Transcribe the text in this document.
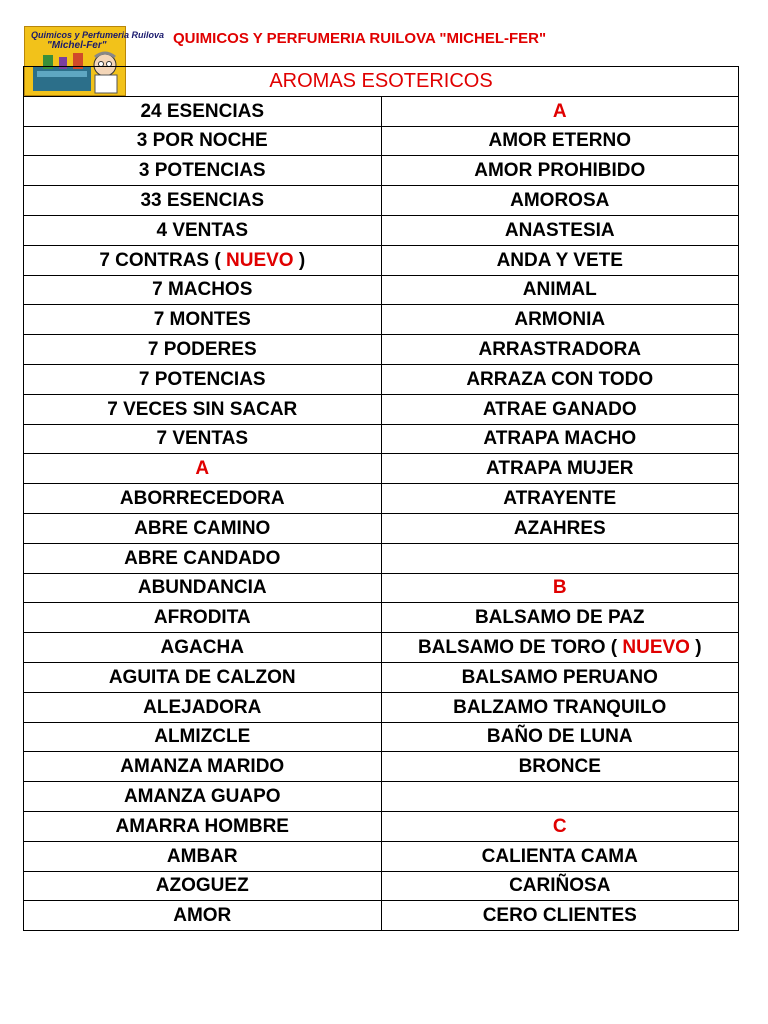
Quimicos y Perfumeria Ruilova
"Michel-Fer"	QUIMICOS Y PERFUMERIA RUILOVA "MICHEL-FER"
AROMAS ESOTERICOS	
24 ESENCIAS	A
3 POR NOCHE	AMOR ETERNO
3 POTENCIAS	AMOR PROHIBIDO
33 ESENCIAS	AMOROSA
4 VENTAS	ANASTESIA
7 CONTRAS ( NUEVO )	ANDA Y VETE
7 MACHOS	ANIMAL
7 MONTES	ARMONIA
7 PODERES	ARRASTRADORA
7 POTENCIAS	ARRAZA CON TODO
7 VECES SIN SACAR	ATRAE GANADO
7 VENTAS	ATRAPA MACHO
A	ATRAPA MUJER
ABORRECEDORA	ATRAYENTE
ABRE CAMINO	AZAHRES
ABRE CANDADO	
ABUNDANCIA	B
AFRODITA	BALSAMO DE PAZ
AGACHA	BALSAMO DE TORO ( NUEVO )
AGUITA DE CALZON	BALSAMO PERUANO
ALEJADORA	BALZAMO TRANQUILO
ALMIZCLE	BAÑO DE LUNA
AMANZA MARIDO	BRONCE
AMANZA GUAPO	
AMARRA HOMBRE	C
AMBAR	CALIENTA CAMA
AZOGUEZ	CARIÑOSA
AMOR	CERO CLIENTES
